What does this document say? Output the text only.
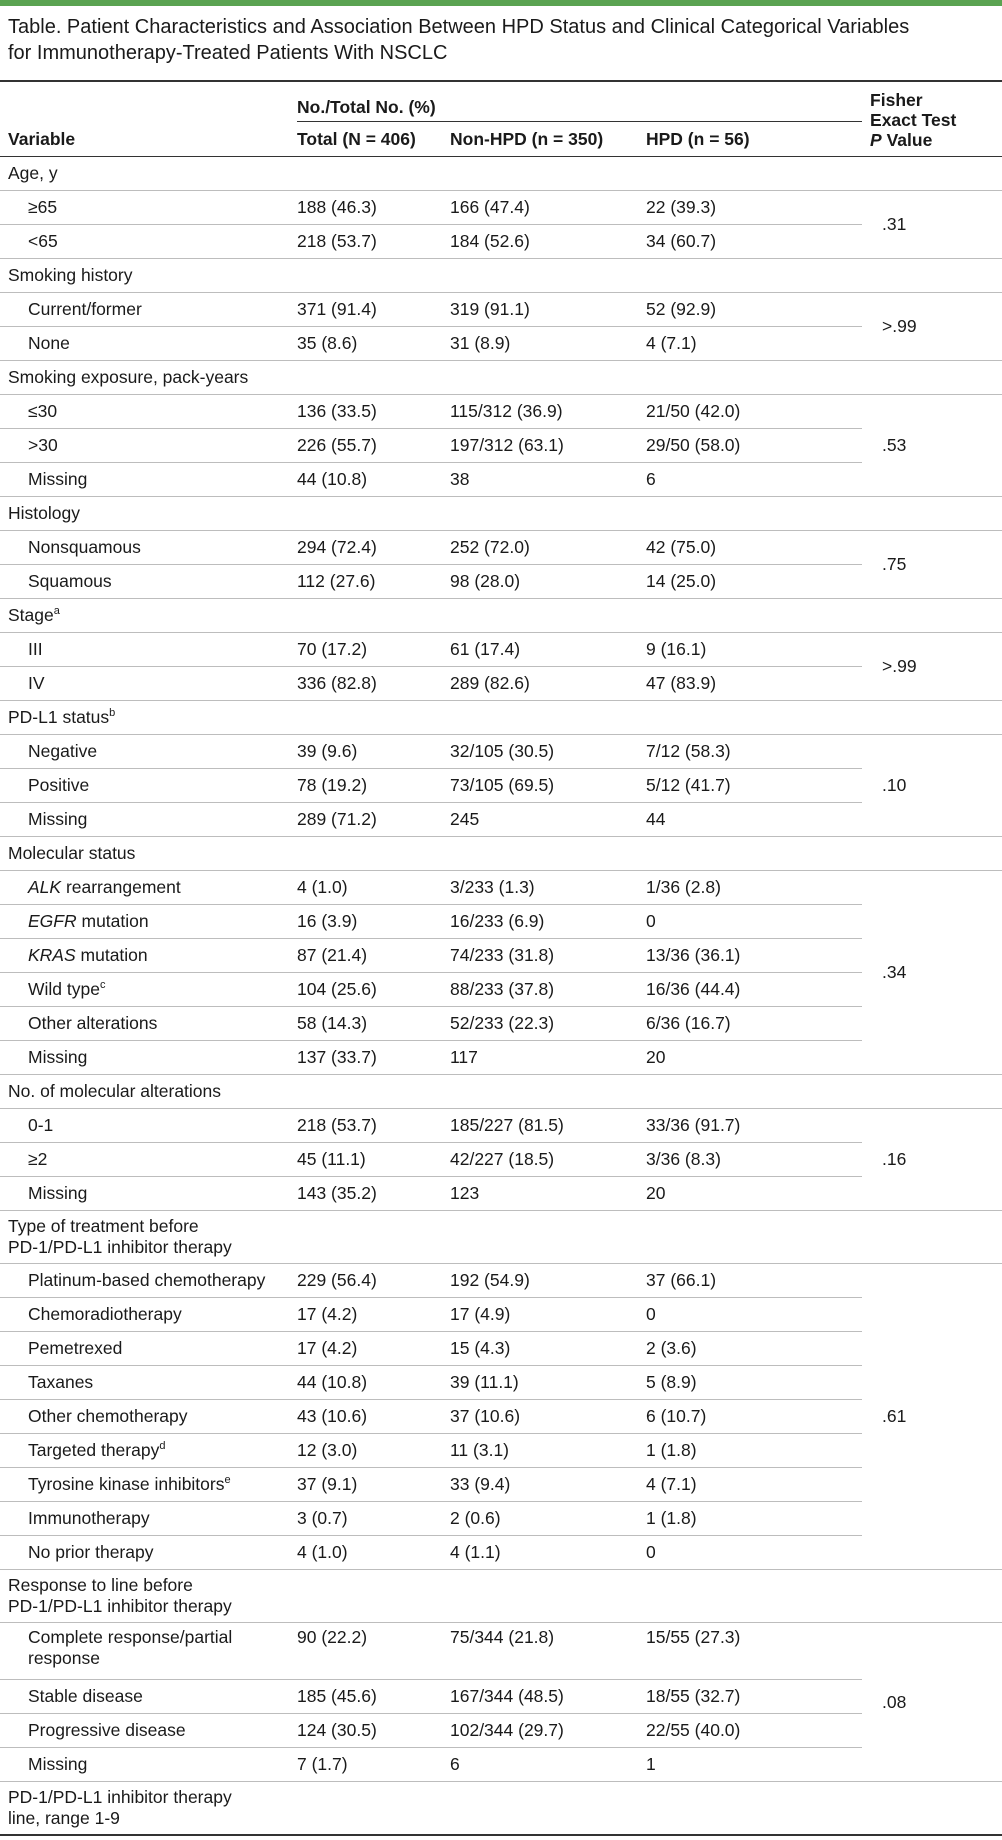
Table. Patient Characteristics and Association Between HPD Status and Clinical Categorical Variables
for Immunotherapy-Treated Patients With NSCLC

	No./Total No. (%)			Fisher
Exact Test
P Value

Variable	Total (N = 406)	Non-HPD (n = 350)	HPD (n = 56)	
Age, y				
≥65	188 (46.3)	166 (47.4)	22 (39.3)	.31
<65	218 (53.7)	184 (52.6)	34 (60.7)	
Smoking history				
Current/former	371 (91.4)	319 (91.1)	52 (92.9)	>.99
None	35 (8.6)	31 (8.9)	4 (7.1)	
Smoking exposure, pack-years				
≤30	136 (33.5)	115/312 (36.9)	21/50 (42.0)	.53
>30	226 (55.7)	197/312 (63.1)	29/50 (58.0)	
Missing	44 (10.8)	38	6	
Histology				
Nonsquamous	294 (72.4)	252 (72.0)	42 (75.0)	.75
Squamous	112 (27.6)	98 (28.0)	14 (25.0)	
Stage$^a$
III	70 (17.2)	61 (17.4)	9 (16.1)	>.99
IV	336 (82.8)	289 (82.6)	47 (83.9)	
PD-L1 status$^b$
Negative	39 (9.6)	32/105 (30.5)	7/12 (58.3)	.10
Positive	78 (19.2)	73/105 (69.5)	5/12 (41.7)	
Missing	289 (71.2)	245	44	
Molecular status				
ALK rearrangement	4 (1.0)	3/233 (1.3)	1/36 (2.8)	.34
EGFR mutation	16 (3.9)	16/233 (6.9)	0	
KRAS mutation	87 (21.4)	74/233 (31.8)	13/36 (36.1)	
Wild type$^c$	104 (25.6)	88/233 (37.8)	16/36 (44.4)	
Other alterations	58 (14.3)	52/233 (22.3)	6/36 (16.7)	
Missing	137 (33.7)	117	20	
No. of molecular alterations				
0-1	218 (53.7)	185/227 (81.5)	33/36 (91.7)	.16
≥2	45 (11.1)	42/227 (18.5)	3/36 (8.3)	
Missing	143 (35.2)	123	20	

Type of treatment before
PD-1/PD-L1 inhibitor therapy				

Platinum-based chemotherapy	229 (56.4)	192 (54.9)	37 (66.1)	.61
Chemoradiotherapy	17 (4.2)	17 (4.9)	0	
Pemetrexed	17 (4.2)	15 (4.3)	2 (3.6)	
Taxanes	44 (10.8)	39 (11.1)	5 (8.9)	
Other chemotherapy	43 (10.6)	37 (10.6)	6 (10.7)	
Targeted therapy$^d$	12 (3.0)	11 (3.1)	1 (1.8)	
Tyrosine kinase inhibitors$^e$	37 (9.1)	33 (9.4)	4 (7.1)	
Immunotherapy	3 (0.7)	2 (0.6)	1 (1.8)	
No prior therapy	4 (1.0)	4 (1.1)	0	

Response to line before
PD-1/PD-L1 inhibitor therapy				

Complete response/partial
response	90 (22.2)	75/344 (21.8)	15/55 (27.3)	.08
Stable disease	185 (45.6)	167/344 (48.5)	18/55 (32.7)	
Progressive disease	124 (30.5)	102/344 (29.7)	22/55 (40.0)	
Missing	7 (1.7)	6	1	

PD-1/PD-L1 inhibitor therapy
line, range 1-9				
